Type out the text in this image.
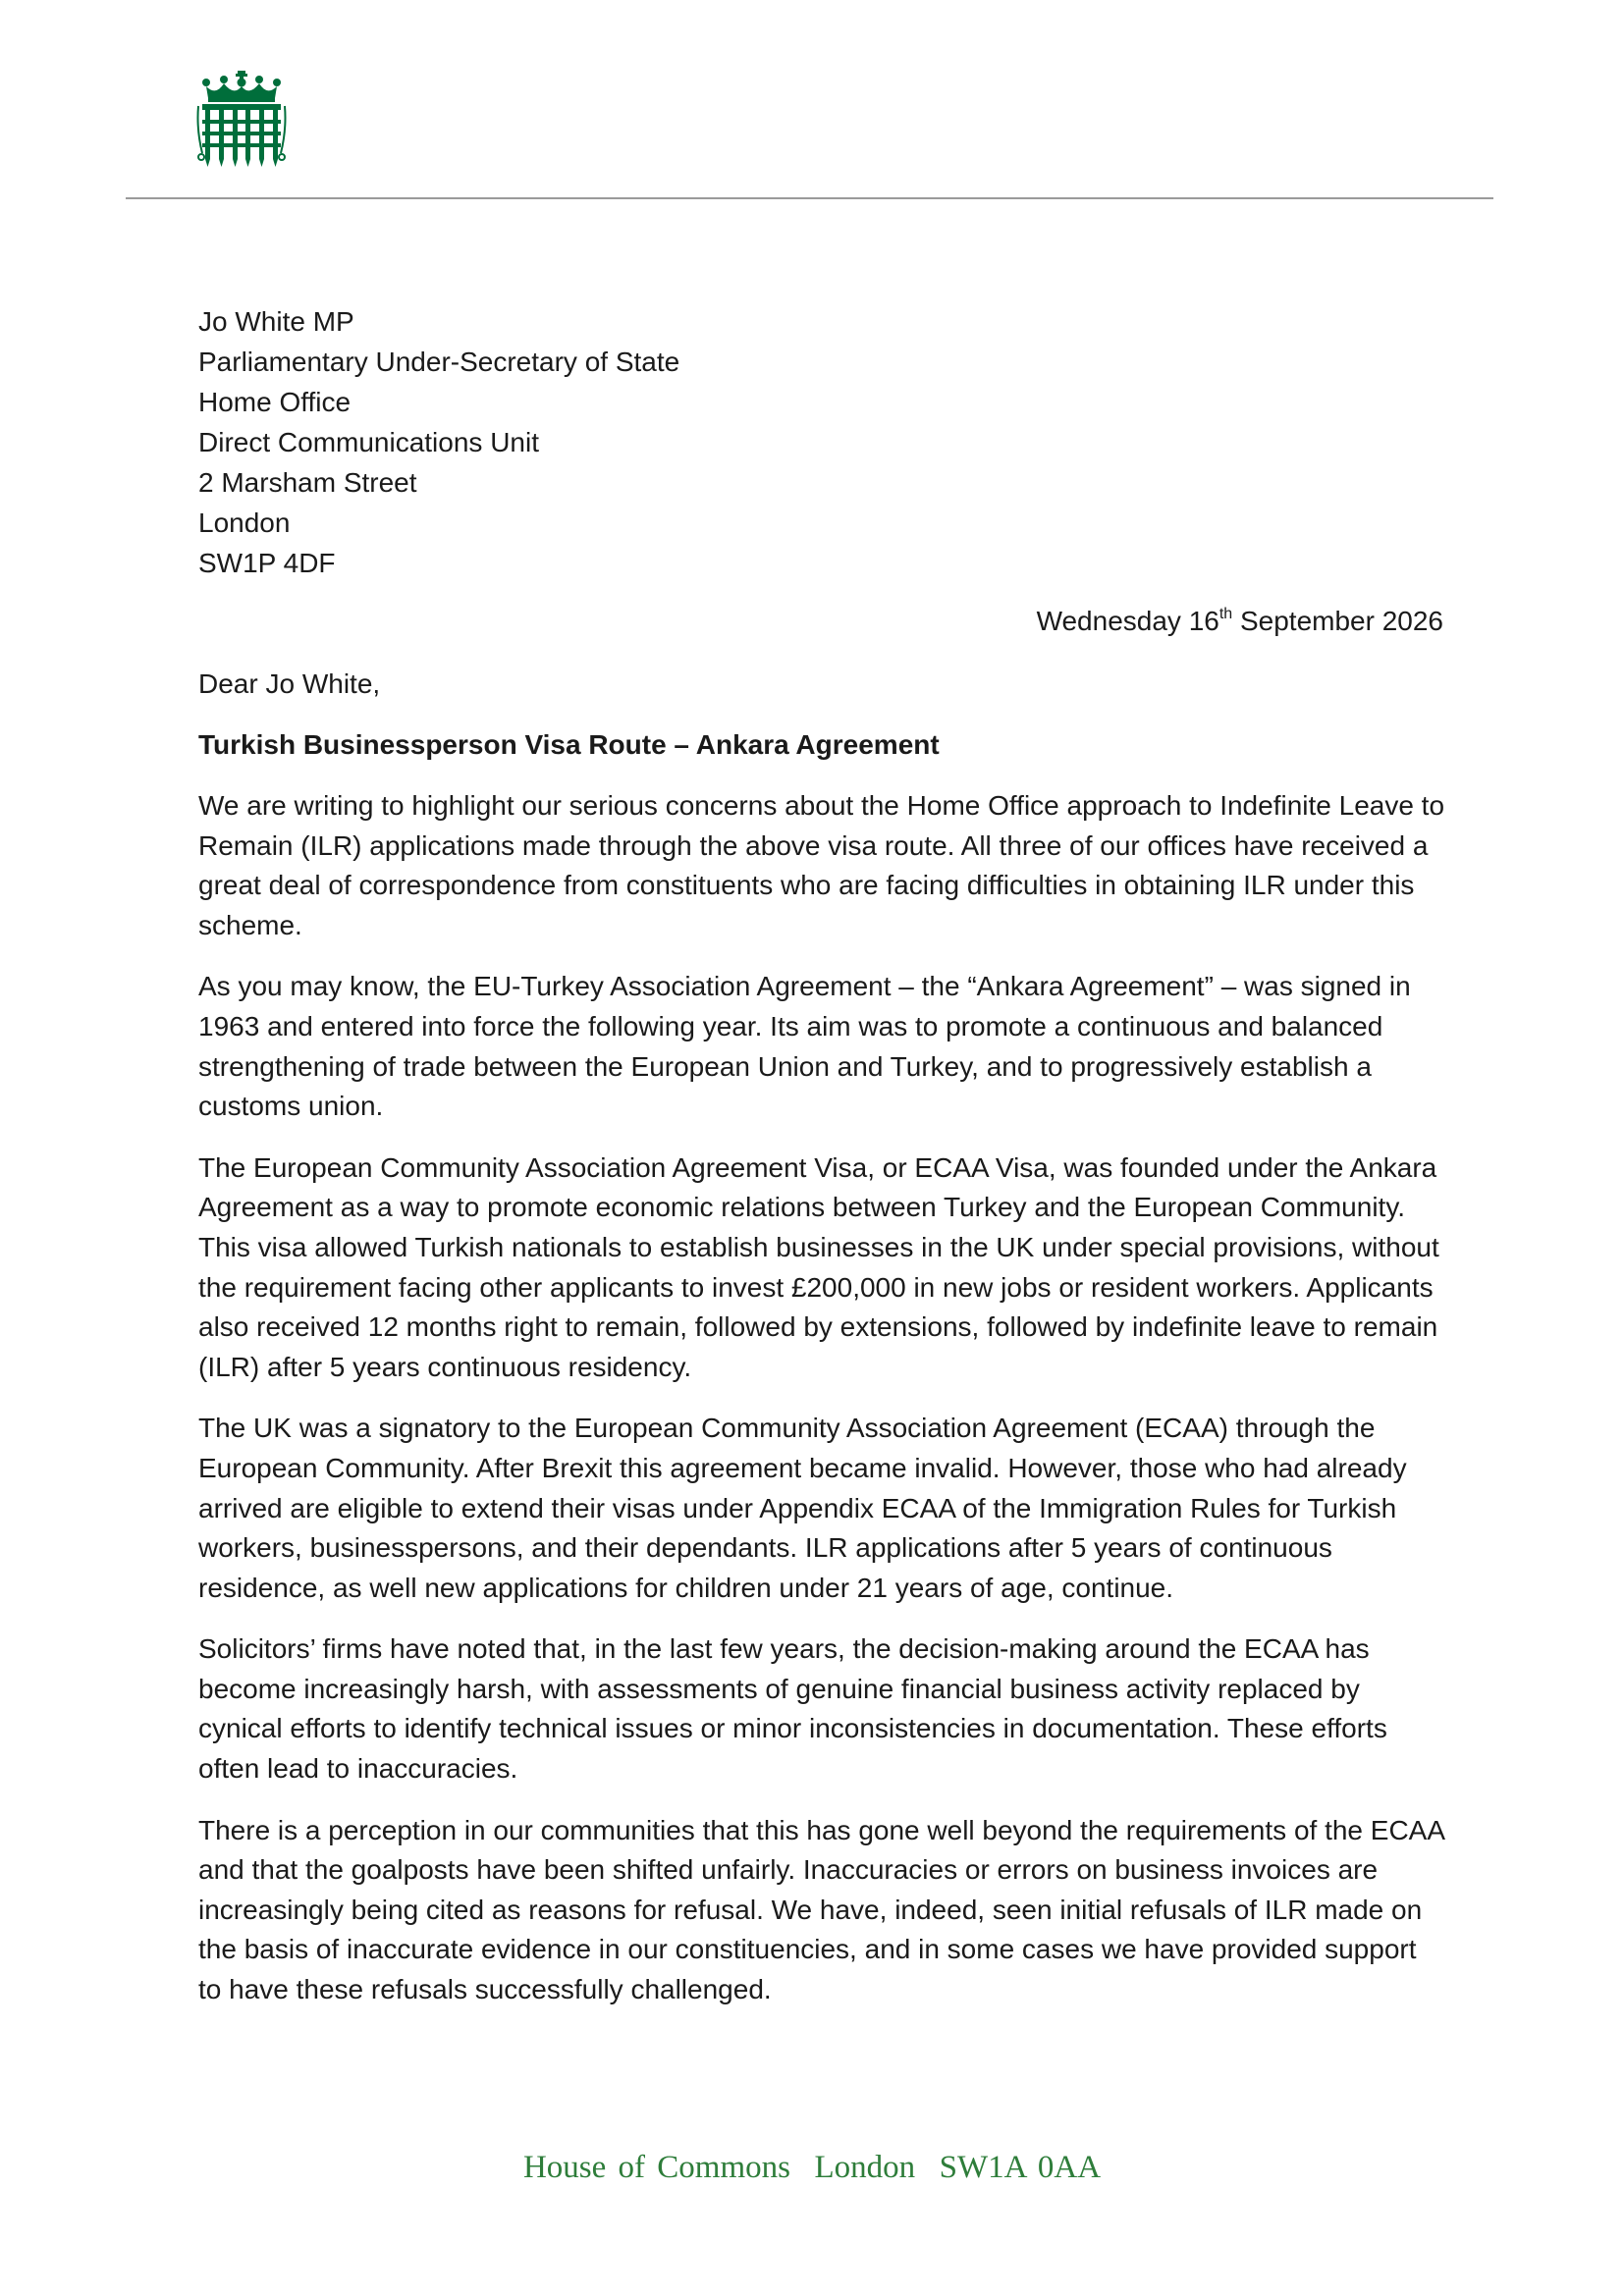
Jo White MP
Parliamentary Under-Secretary of State
Home Office
Direct Communications Unit
2 Marsham Street
London
SW1P 4DF
Wednesday 16th September 2026
Dear Jo White,
Turkish Businessperson Visa Route – Ankara Agreement

We are writing to highlight our serious concerns about the Home Office approach to Indefinite Leave to Remain (ILR) applications made through the above visa route. All three of our offices have received a great deal of correspondence from constituents who are facing difficulties in obtaining ILR under this scheme.

As you may know, the EU-Turkey Association Agreement – the “Ankara Agreement” – was signed in 1963 and entered into force the following year. Its aim was to promote a continuous and balanced strengthening of trade between the European Union and Turkey, and to progressively establish a customs union.

The European Community Association Agreement Visa, or ECAA Visa, was founded under the Ankara Agreement as a way to promote economic relations between Turkey and the European Community. This visa allowed Turkish nationals to establish businesses in the UK under special provisions, without the requirement facing other applicants to invest £200,000 in new jobs or resident workers. Applicants also received 12 months right to remain, followed by extensions, followed by indefinite leave to remain (ILR) after 5 years continuous residency.

The UK was a signatory to the European Community Association Agreement (ECAA) through the European Community. After Brexit this agreement became invalid. However, those who had already arrived are eligible to extend their visas under Appendix ECAA of the Immigration Rules for Turkish workers, businesspersons, and their dependants. ILR applications after 5 years of continuous residence, as well new applications for children under 21 years of age, continue.

Solicitors’ firms have noted that, in the last few years, the decision-making around the ECAA has become increasingly harsh, with assessments of genuine financial business activity replaced by cynical efforts to identify technical issues or minor inconsistencies in documentation. These efforts often lead to inaccuracies.

There is a perception in our communities that this has gone well beyond the requirements of the ECAA and that the goalposts have been shifted unfairly. Inaccuracies or errors on business invoices are increasingly being cited as reasons for refusal. We have, indeed, seen initial refusals of ILR made on the basis of inaccurate evidence in our constituencies, and in some cases we have provided support to have these refusals successfully challenged.

House of Commons  London  SW1A 0AA
